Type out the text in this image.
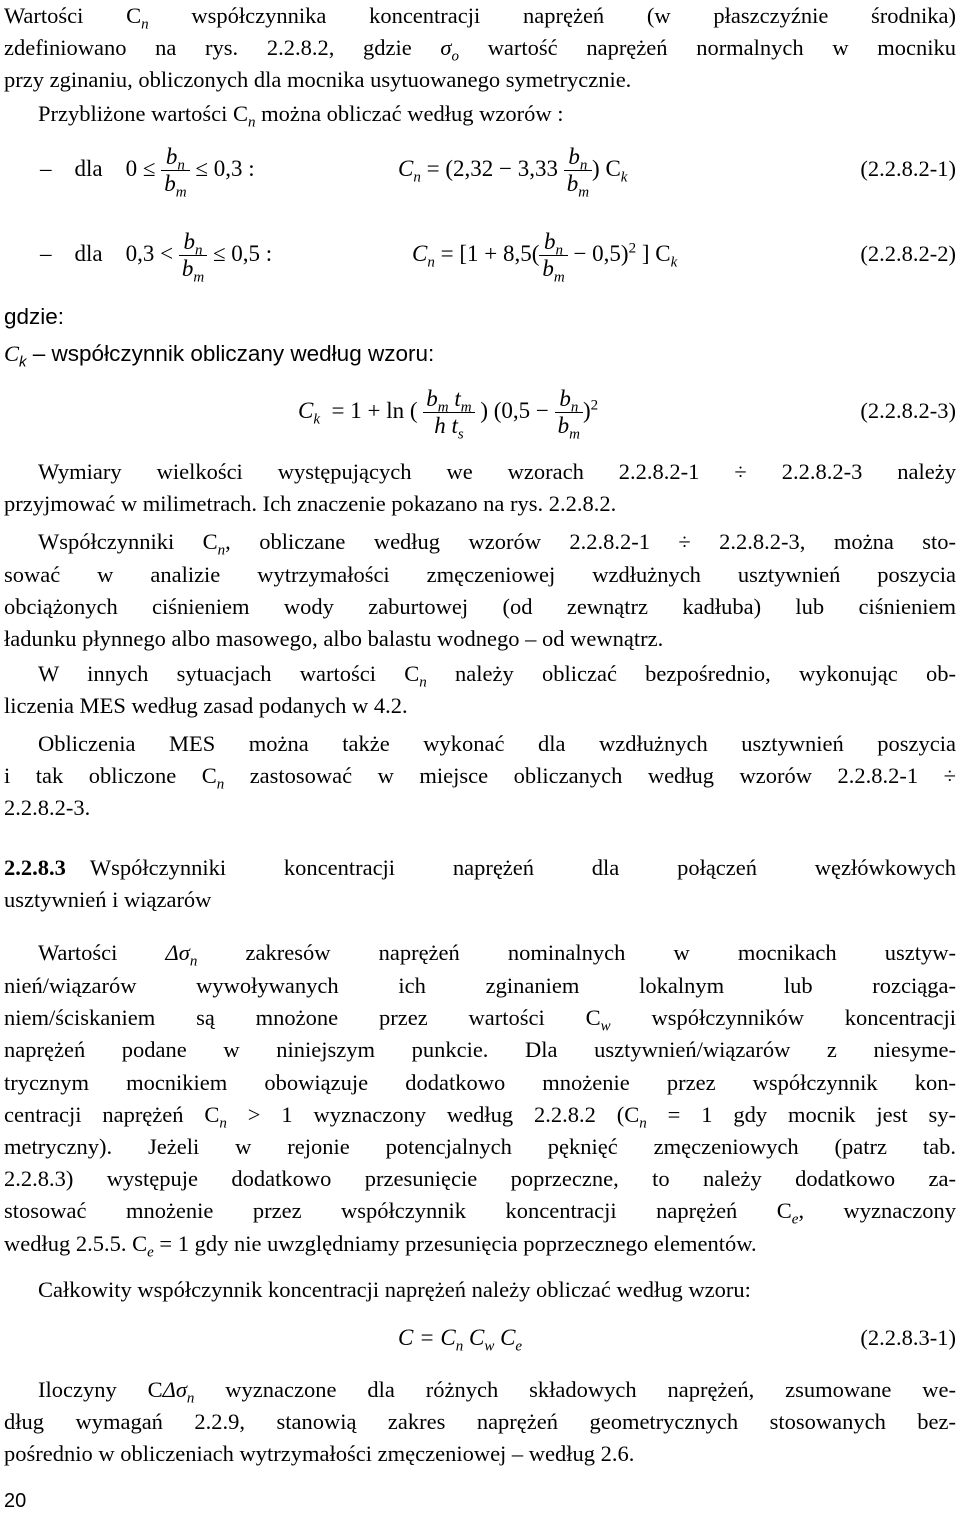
Wartości $C_n$ współczynnika koncentracji naprężeń (w płaszczyźnie środnika)
zdefiniowano na rys. 2.2.8.2, gdzie $\sigma_o$ wartość naprężeń normalnych w mocniku
przy zginaniu, obliczonych dla mocnika usytuowanego symetrycznie.
Przybliżone wartości $C_n$ można obliczać według wzorów :
– dla $0 \le \frac{b_n}{b_m} \le 0,3$ :	$C_n = (2,32 - 3,33 \frac{b_n}{b_m}$ ) $C_k$	(2.2.8.2-1)
– dla $0,3 < \frac{b_n}{b_m} \le 0,5$ :	$C_n = [1 + 8,5( \frac{b_n}{b_m} - 0,5)^2$ ] $C_k$	(2.2.8.2-2)
gdzie:
$C_k$ – współczynnik obliczany według wzoru:
$C_k = 1 + \ln$ ( $\frac{b_m t_m}{h t_s}$ ) $(0,5 - \frac{b_n}{b_m} )^2$	(2.2.8.2-3)
Wymiary wielkości występujących we wzorach 2.2.8.2-1 ÷ 2.2.8.2-3 należy
przyjmować w milimetrach. Ich znaczenie pokazano na rys. 2.2.8.2.
Współczynniki $C_n$, obliczane według wzorów 2.2.8.2-1 ÷ 2.2.8.2-3, można sto-
sować w analizie wytrzymałości zmęczeniowej wzdłużnych usztywnień poszycia
obciążonych ciśnieniem wody zaburtowej (od zewnątrz kadłuba) lub ciśnieniem
ładunku płynnego albo masowego, albo balastu wodnego – od wewnątrz.
W innych sytuacjach wartości $C_n$ należy obliczać bezpośrednio, wykonując ob-
liczenia MES według zasad podanych w 4.2.
Obliczenia MES można także wykonać dla wzdłużnych usztywnień poszycia
i tak obliczone $C_n$ zastosować w miejsce obliczanych według wzorów 2.2.8.2-1 ÷
2.2.8.2-3.
2.2.8.3 Współczynniki koncentracji naprężeń dla połączeń węzłówkowych
usztywnień i wiązarów
Wartości $\Delta\sigma_n$ zakresów naprężeń nominalnych w mocnikach usztyw-
nień/wiązarów wywoływanych ich zginaniem lokalnym lub rozciąga-
niem/ściskaniem są mnożone przez wartości $C_w$ współczynników koncentracji
naprężeń podane w niniejszym punkcie. Dla usztywnień/wiązarów z niesyme-
trycznym mocnikiem obowiązuje dodatkowo mnożenie przez współczynnik kon-
centracji naprężeń $C_n > 1$ wyznaczony według 2.2.8.2 ($C_n = 1$ gdy mocnik jest sy-
metryczny). Jeżeli w rejonie potencjalnych pęknięć zmęczeniowych (patrz tab.
2.2.8.3) występuje dodatkowo przesunięcie poprzeczne, to należy dodatkowo za-
stosować mnożenie przez współczynnik koncentracji naprężeń $C_e$, wyznaczony
według 2.5.5. $C_e = 1$ gdy nie uwzględniamy przesunięcia poprzecznego elementów.
Całkowity współczynnik koncentracji naprężeń należy obliczać według wzoru:
$C = C_n$ $C_w$ $C_e$	(2.2.8.3-1)
Iloczyny CΔσ$_n$ wyznaczone dla różnych składowych naprężeń, zsumowane we-
dług wymagań 2.2.9, stanowią zakres naprężeń geometrycznych stosowanych bez-
pośrednio w obliczeniach wytrzymałości zmęczeniowej – według 2.6.
20
